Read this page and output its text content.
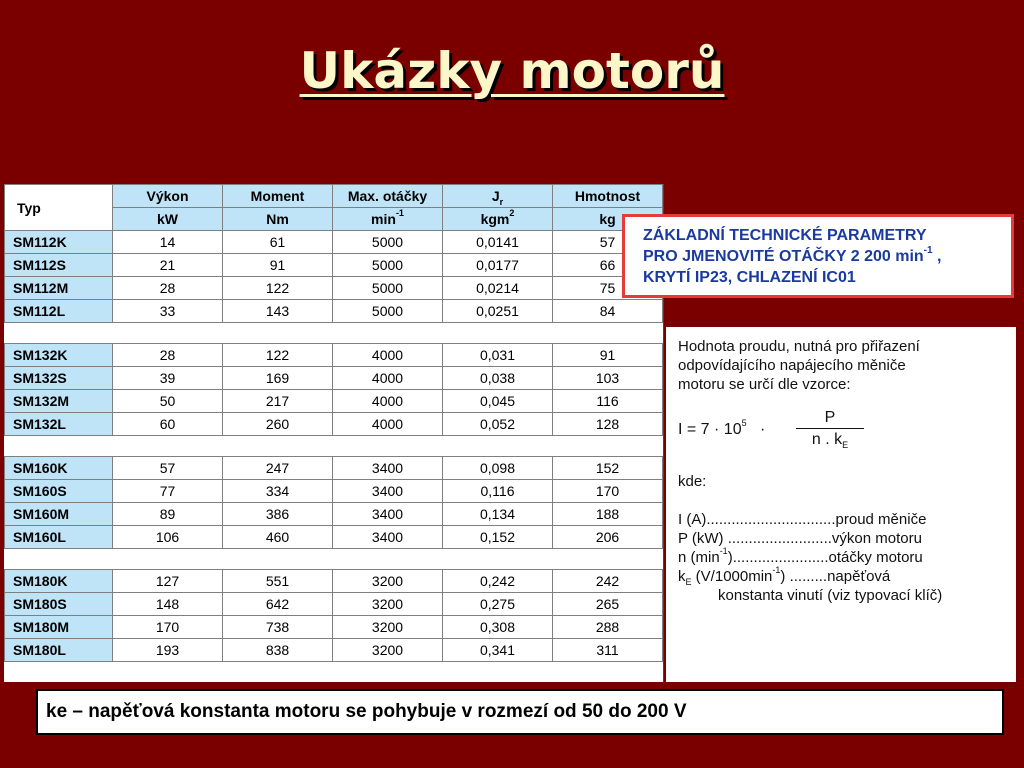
Ukázky motorů
Typ	Výkon	Moment	Max. otáčky	$J_r$	Hmotnost
	kW	Nm	$\min^{-1}$	kgm$^2$	kg
SM112K	14	61	5000	0,0141	57
SM112S	21	91	5000	0,0177	66
SM112M	28	122	5000	0,0214	75
SM112L	33	143	5000	0,0251	84

SM132K	28	122	4000	0,031	91
SM132S	39	169	4000	0,038	103
SM132M	50	217	4000	0,045	116
SM132L	60	260	4000	0,052	128

SM160K	57	247	3400	0,098	152
SM160S	77	334	3400	0,116	170
SM160M	89	386	3400	0,134	188
SM160L	106	460	3400	0,152	206

SM180K	127	551	3200	0,242	242
SM180S	148	642	3200	0,275	265
SM180M	170	738	3200	0,308	288
SM180L	193	838	3200	0,341	311
ZÁKLADNÍ TECHNICKÉ PARAMETRY
PRO JMENOVITÉ OTÁČKY 2 200 $\min^{-1}$ ,
KRYTÍ IP23, CHLAZENÍ IC01

Hodnota proudu, nutná pro přiřazení

odpovídajícího napájecího měniče

motoru se určí dle vzorce:

$I = 7 \cdot 10^5 \cdot \frac{P}{n . k_E}$

kde:

I (A)...............................proud měniče

P (kW) .........................výkon motoru

n $(\min^{-1}).......................otáčky$ motoru

$k_E$ $(V/1000\min^{-1})$ .........napěťová

konstanta vinutí (viz typovací klíč)

ke – napěťová konstanta motoru se pohybuje v rozmezí od 50 do 200 V
